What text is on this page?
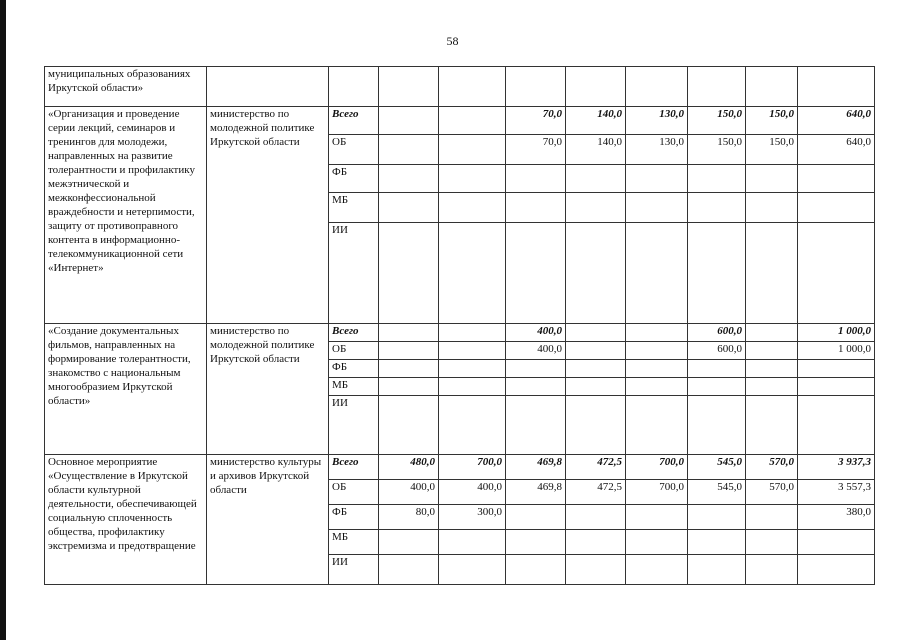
58
муниципальных образованиях Иркутской области»										
«Организация и проведение серии лекций, семинаров и тренингов для молодежи, направленных на развитие толерантности и профилактику межэтнической и межконфессиональной враждебности и нетерпимости, защиту от противоправного контента в информационно-телекоммуникационной сети «Интернет»	министерство по молодежной политике Иркутской области	Всего			70,0	140,0	130,0	150,0	150,0	640,0
		ОБ			70,0	140,0	130,0	150,0	150,0	640,0
		ФБ								
		МБ								
		ИИ								
«Создание документальных фильмов, направленных на формирование толерантности, знакомство с национальным многообразием Иркутской области»	министерство по молодежной политике Иркутской области	Всего			400,0			600,0		1 000,0
		ОБ			400,0			600,0		1 000,0
		ФБ								
		МБ								
		ИИ								
Основное мероприятие «Осуществление в Иркутской области культурной деятельности, обеспечивающей социальную сплоченность общества, профилактику экстремизма и предотвращение	министерство культуры и архивов Иркутской области	Всего	480,0	700,0	469,8	472,5	700,0	545,0	570,0	3 937,3
		ОБ	400,0	400,0	469,8	472,5	700,0	545,0	570,0	3 557,3
		ФБ	80,0	300,0						380,0
		МБ								
		ИИ								
